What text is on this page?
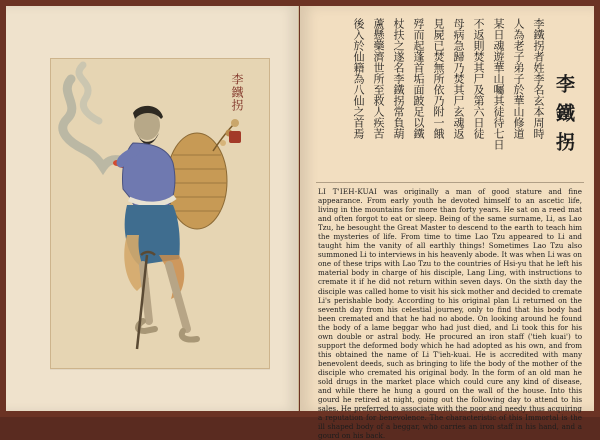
李鐵拐	李鐵拐者姓李名玄本周時
人為老子弟子於華山修道
某日魂遊華山囑其徒待七日
不返則焚其尸及第六日徒
母病急歸乃焚其尸玄魂返
見屍已焚無所依乃附一餓
殍而起蓬首垢面跛足以鐵
杖扶之遂名李鐵拐常負葫
蘆懸藥濟世所至救人疾苦
後入於仙籍為八仙之首焉	李鐵拐
LI T'IEH-KUAI was originally a man of good stature and fine appearance. From early youth he devoted himself to an ascetic life, living in the mountains for more than forty years. He sat on a reed mat and often forgot to eat or sleep. Being of the same surname, Li, as Lao Tzu, he besought the Great Master to descend to the earth to teach him the mysteries of life. From time to time Lao Tzu appeared to Li and taught him the vanity of all earthly things! Sometimes Lao Tzu also summoned Li to interviews in his heavenly abode. It was when Li was on one of these trips with Lao Tzu to the countries of Hsi-yu that he left his material body in charge of his disciple, Lang Ling, with instructions to cremate it if he did not return within seven days. On the sixth day the disciple was called home to visit his sick mother and decided to cremate Li's perishable body. According to his original plan Li returned on the seventh day from his celestial journey, only to find that his body had been cremated and that he had no abode. On looking around he found the body of a lame beggar who had just died, and Li took this for his own double or astral body. He procured an iron staff ('tieh kuai') to support the deformed body which he had adopted as his own, and from this obtained the name of Li T'ieh-kuai. He is accredited with many benevolent deeds, such as bringing to life the body of the mother of the disciple who cremated his original body. In the form of an old man he sold drugs in the market place which could cure any kind of disease, and while there he hung a gourd on the wall of the house. Into this gourd he retired at night, going out the following day to attend to his sales. He preferred to associate with the poor and needy thus acquiring a reputation for benevolence. The characteristic of this Immortal is the ill shaped body of a beggar, who carries an iron staff in his hand, and a gourd on his back.
